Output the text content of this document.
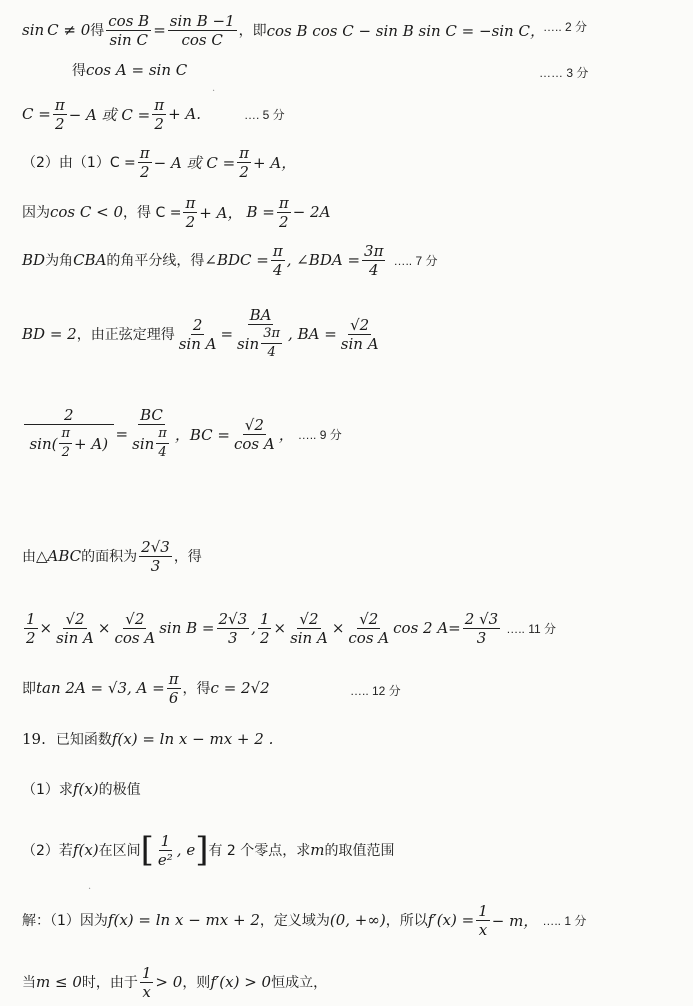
sin C ≠ 0 得 $\frac{\text{cos B}}{\text{sin C}} = \frac{\text{sin B −1}}{\text{cos C}}$ ，即 cos B cos C − sin B sin C = −sin C，
….. 2 分
得 cos A = sin C	…… 3 分
$C = \frac{\pi}{2} - A$ 或 $C = \frac{\pi}{2} + A$.	…. 5 分
（2）由$(1)C = \frac{\pi}{2} - A$ 或 $C = \frac{\pi}{2} + A$，
因为 cos C < 0 ，得 $C = \frac{\pi}{2} + A$， $B = \frac{\pi}{2} - 2A$
BD 为角 CBA 的角平分线，得 ∠BDC = $\frac{\pi}{4}$ , ∠BDA = $\frac{3\pi}{4}$ ….. 7 分
BD = 2 ，由正弦定理得 $\frac{2}{\text{sin A}} = \frac{BA}{\sin \frac{3\pi}{4}}$ , BA = $\frac{√2}{\text{sin A}}$
$\frac{2}{\sin( \frac{\pi}{2} + A)} = \frac{BC}{\sin \frac{\pi}{4}}$ ，BC = $\frac{√2}{\text{cos A}}$ ， ….. 9 分
由 △ABC 的面积为 $\frac{2√3}{3}$ ，得
$\frac{1}{2} \times \frac{√2}{\text{sin A}} \times \frac{√2}{\text{cos A}}$ $\sin B = \frac{2√3}{3}$ , $\frac{1}{2} \times \frac{√2}{\text{sin A}} \times \frac{√2}{\text{cos A}}$ cos 2 $A= \frac{2 √3}{3}$ ….. 11 分
即 tan 2A = √3, $A = \frac{\pi}{6}$ ，得 c = 2√2	….. 12 分
19. 已知函数 f(x) = ln x − mx + 2 .
（1）求 f(x) 的极值
（2）若 f(x) 在区间 [ $\frac{1}{\text{e²}}$ , e ] 有 2 个零点，求 m 的取值范围
解：（1）因为 f(x) = ln x − mx + 2 ，定义域为 (0, +∞) ，所以 $f'(x) = \frac{1}{x} - m$， ….. 1 分
当 m ≤ 0 时，由于 $\frac{1}{x} > 0$ ，则 f′(x) > 0 恒成立，
·
·
